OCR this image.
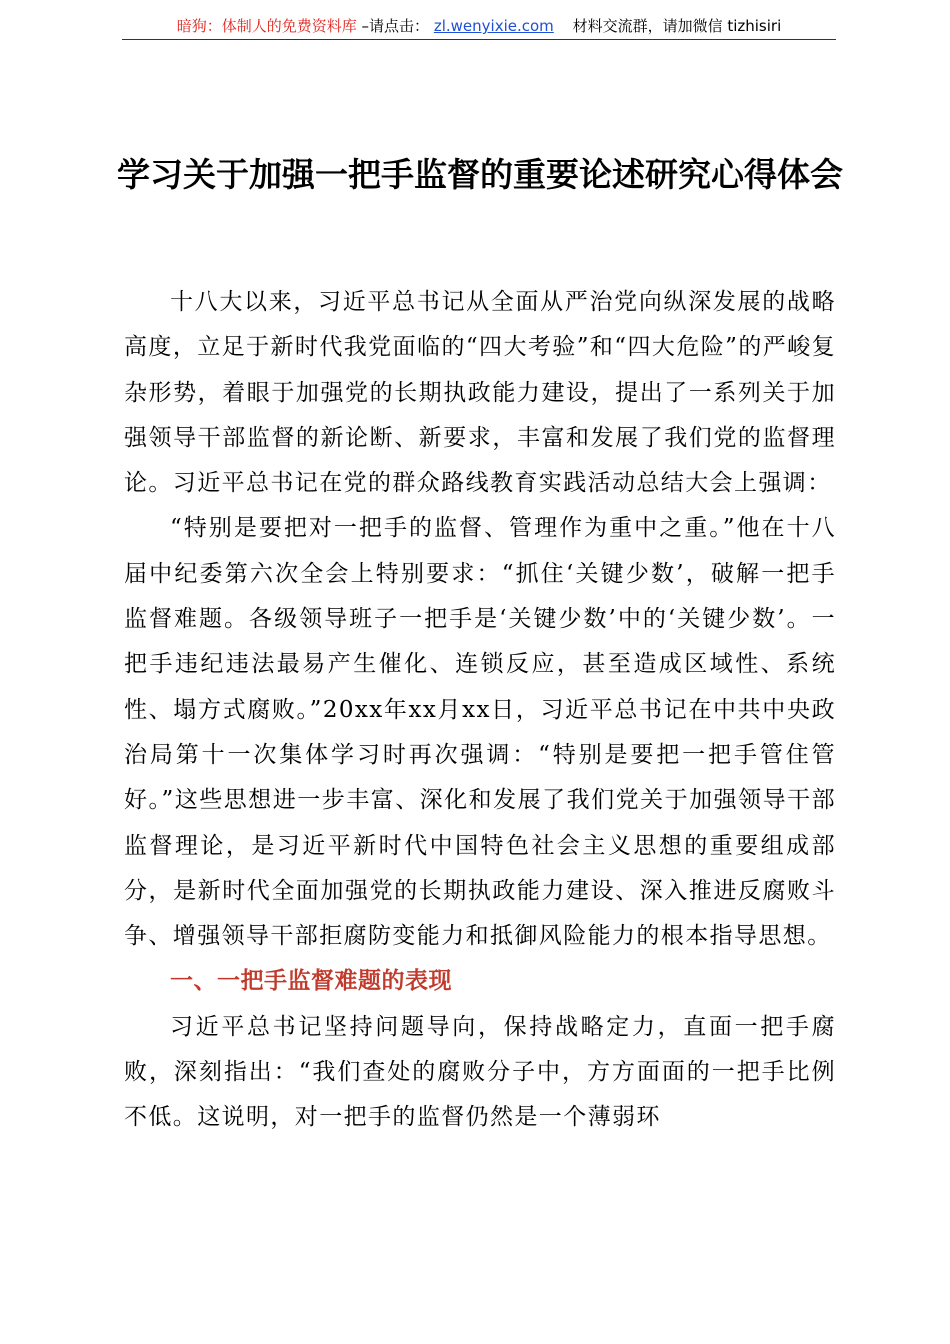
暗狗：体制人的免费资料库 –请点击： zl.wenyixie.com 材料交流群，请加微信 tizhisiri
学习关于加强一把手监督的重要论述研究心得体会

十八大以来，习近平总书记从全面从严治党向纵深发展的战略高度，立足于新时代我党面临的“四大考验”和“四大危险”的严峻复杂形势，着眼于加强党的长期执政能力建设，提出了一系列关于加强领导干部监督的新论断、新要求，丰富和发展了我们党的监督理论。习近平总书记在党的群众路线教育实践活动总结大会上强调：

“特别是要把对一把手的监督、管理作为重中之重。”他在十八届中纪委第六次全会上特别要求：“抓住‘关键少数’，破解一把手监督难题。各级领导班子一把手是‘关键少数’中的‘关键少数’。一把手违纪违法最易产生催化、连锁反应，甚至造成区域性、系统性、塌方式腐败。”20xx年xx月xx日，习近平总书记在中共中央政治局第十一次集体学习时再次强调：“特别是要把一把手管住管好。”这些思想进一步丰富、深化和发展了我们党关于加强领导干部监督理论，是习近平新时代中国特色社会主义思想的重要组成部分，是新时代全面加强党的长期执政能力建设、深入推进反腐败斗争、增强领导干部拒腐防变能力和抵御风险能力的根本指导思想。

一、一把手监督难题的表现

习近平总书记坚持问题导向，保持战略定力，直面一把手腐败，深刻指出：“我们查处的腐败分子中，方方面面的一把手比例不低。这说明，对一把手的监督仍然是一个薄弱环
